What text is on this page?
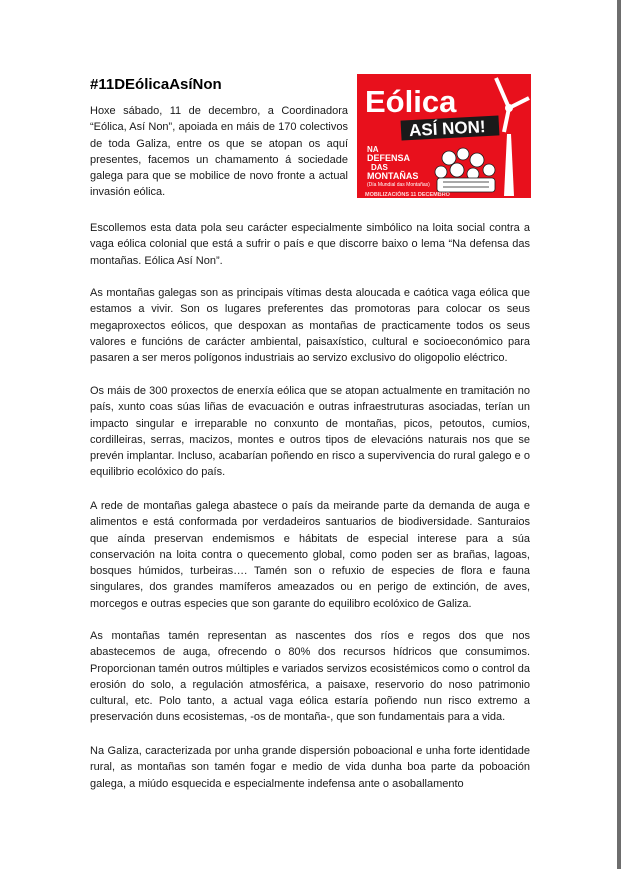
#11DEólicaAsíNon	Eólica
ASÍ NON!
NA
DEFENSA
DAS
MONTAÑAS
(Día Mundial das Montañas)
MOBILIZACIÓNS 11 DECEMBRO

Hoxe sábado, 11 de decembro, a Coordinadora “Eólica, Así Non”, apoiada en máis de 170 colectivos de toda Galiza, entre os que se atopan os aquí presentes, facemos un chamamento á sociedade galega para que se mobilice de novo fronte a actual invasión eólica.

Escollemos esta data pola seu carácter especialmente simbólico na loita social contra a vaga eólica colonial que está a sufrir o país e que discorre baixo o lema “Na defensa das montañas. Eólica Así Non”.

As montañas galegas son as principais vítimas desta aloucada e caótica vaga eólica que estamos a vivir. Son os lugares preferentes das promotoras para colocar os seus megaproxectos eólicos, que despoxan as montañas de practicamente todos os seus valores e funcións de carácter ambiental, paisaxístico, cultural e socioeconómico para pasaren a ser meros polígonos industriais ao servizo exclusivo do oligopolio eléctrico.

Os máis de 300 proxectos de enerxía eólica que se atopan actualmente en tramitación no país, xunto coas súas liñas de evacuación e outras infraestruturas asociadas, terían un impacto singular e irreparable no conxunto de montañas, picos, petoutos, cumios, cordilleiras, serras, macizos, montes e outros tipos de elevacións naturais nos que se prevén implantar. Incluso, acabarían poñendo en risco a supervivencia do rural galego e o equilibrio ecolóxico do país.

A rede de montañas galega abastece o país da meirande parte da demanda de auga e alimentos e está conformada por verdadeiros santuarios de biodiversidade. Santuraios que aínda preservan endemismos e hábitats de especial interese para a súa conservación na loita contra o quecemento global, como poden ser as brañas, lagoas, bosques húmidos, turbeiras…. Tamén son o refuxio de especies de flora e fauna singulares, dos grandes mamíferos ameazados ou en perigo de extinción, de aves, morcegos e outras especies que son garante do equilibro ecolóxico de Galiza.

As montañas tamén representan as nascentes dos ríos e regos dos que nos abastecemos de auga, ofrecendo o 80% dos recursos hídricos que consumimos. Proporcionan tamén outros múltiples e variados servizos ecosistémicos como o control da erosión do solo, a regulación atmosférica, a paisaxe, reservorio do noso patrimonio cultural, etc. Polo tanto, a actual vaga eólica estaría poñendo nun risco extremo a preservación duns ecosistemas, -os de montaña-, que son fundamentais para a vida.

Na Galiza, caracterizada por unha grande dispersión poboacional e unha forte identidade rural, as montañas son tamén fogar e medio de vida dunha boa parte da poboación galega, a miúdo esquecida e especialmente indefensa ante o asoballamento
